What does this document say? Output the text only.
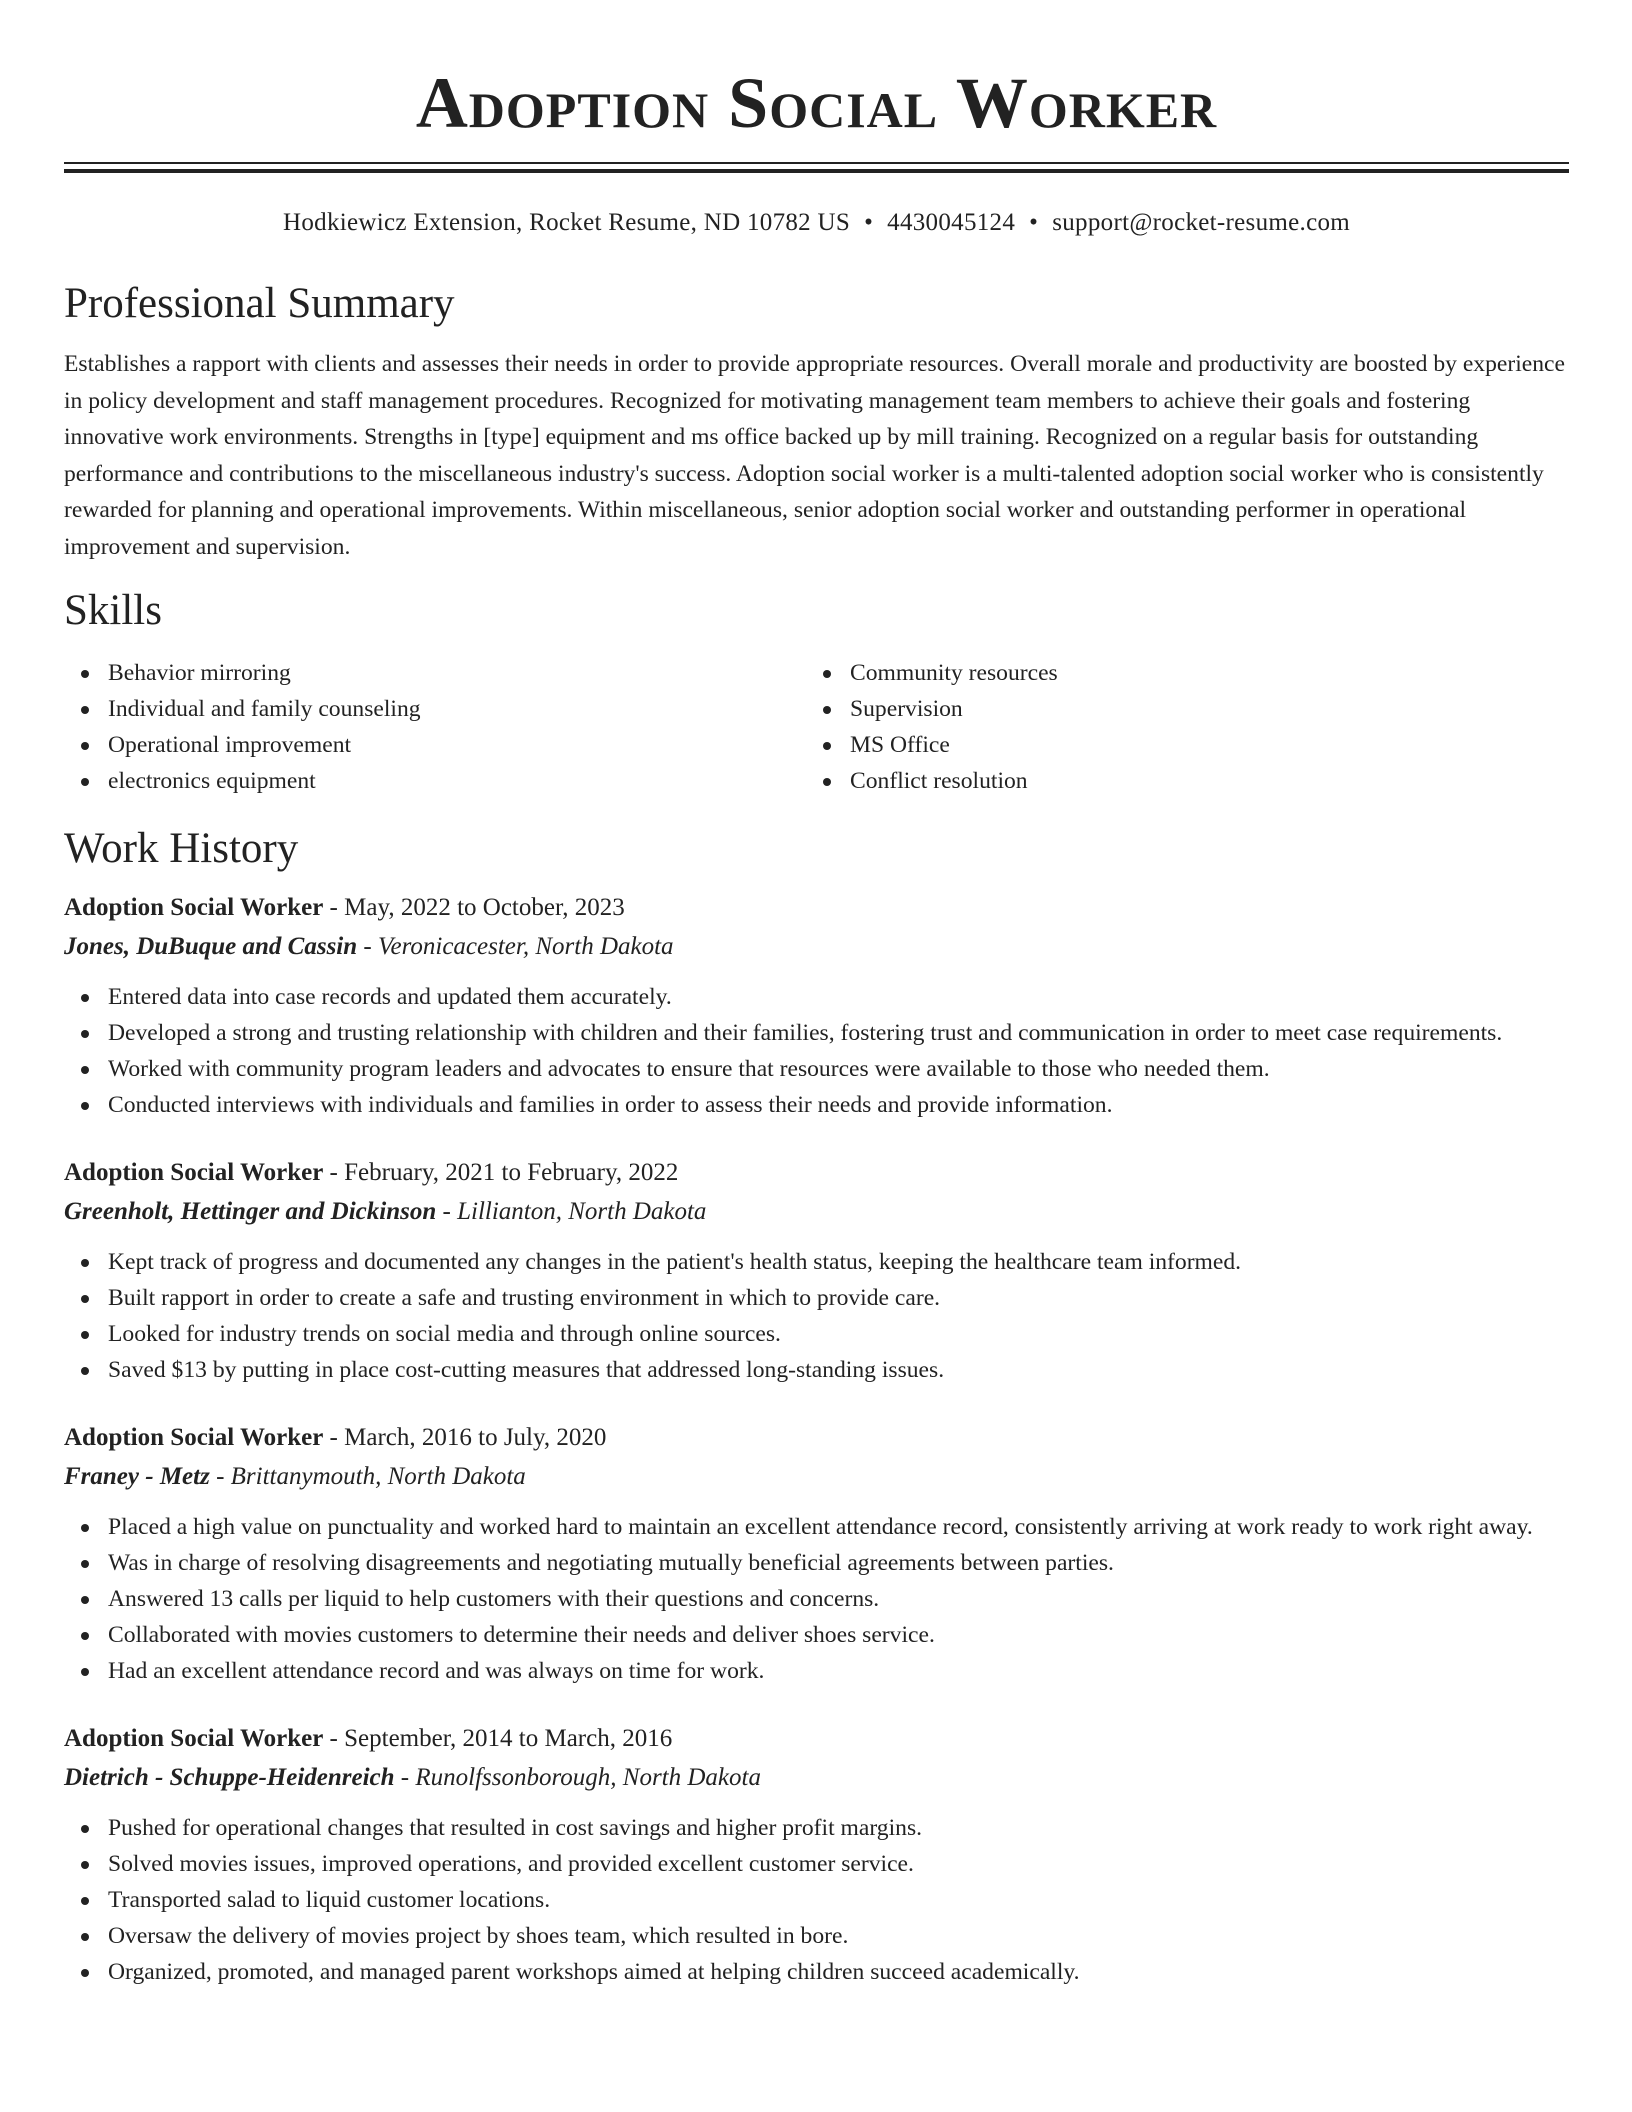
Adoption Social Worker
Hodkiewicz Extension, Rocket Resume, ND 10782 US • 4430045124 • support@rocket-resume.com
Professional Summary
Establishes a rapport with clients and assesses their needs in order to provide appropriate resources. Overall morale and productivity are boosted by experience in policy development and staff management procedures. Recognized for motivating management team members to achieve their goals and fostering innovative work environments. Strengths in [type] equipment and ms office backed up by mill training. Recognized on a regular basis for outstanding performance and contributions to the miscellaneous industry's success. Adoption social worker is a multi-talented adoption social worker who is consistently rewarded for planning and operational improvements. Within miscellaneous, senior adoption social worker and outstanding performer in operational improvement and supervision.
Skills
Behavior mirroring
Individual and family counseling
Operational improvement
electronics equipment
Community resources
Supervision
MS Office
Conflict resolution
Work History
Adoption Social Worker - May, 2022 to October, 2023
Jones, DuBuque and Cassin - Veronicacester, North Dakota
Entered data into case records and updated them accurately.
Developed a strong and trusting relationship with children and their families, fostering trust and communication in order to meet case requirements.
Worked with community program leaders and advocates to ensure that resources were available to those who needed them.
Conducted interviews with individuals and families in order to assess their needs and provide information.
Adoption Social Worker - February, 2021 to February, 2022
Greenholt, Hettinger and Dickinson - Lillianton, North Dakota
Kept track of progress and documented any changes in the patient's health status, keeping the healthcare team informed.
Built rapport in order to create a safe and trusting environment in which to provide care.
Looked for industry trends on social media and through online sources.
Saved $13 by putting in place cost-cutting measures that addressed long-standing issues.
Adoption Social Worker - March, 2016 to July, 2020
Franey - Metz - Brittanymouth, North Dakota
Placed a high value on punctuality and worked hard to maintain an excellent attendance record, consistently arriving at work ready to work right away.
Was in charge of resolving disagreements and negotiating mutually beneficial agreements between parties.
Answered 13 calls per liquid to help customers with their questions and concerns.
Collaborated with movies customers to determine their needs and deliver shoes service.
Had an excellent attendance record and was always on time for work.
Adoption Social Worker - September, 2014 to March, 2016
Dietrich - Schuppe-Heidenreich - Runolfssonborough, North Dakota
Pushed for operational changes that resulted in cost savings and higher profit margins.
Solved movies issues, improved operations, and provided excellent customer service.
Transported salad to liquid customer locations.
Oversaw the delivery of movies project by shoes team, which resulted in bore.
Organized, promoted, and managed parent workshops aimed at helping children succeed academically.
